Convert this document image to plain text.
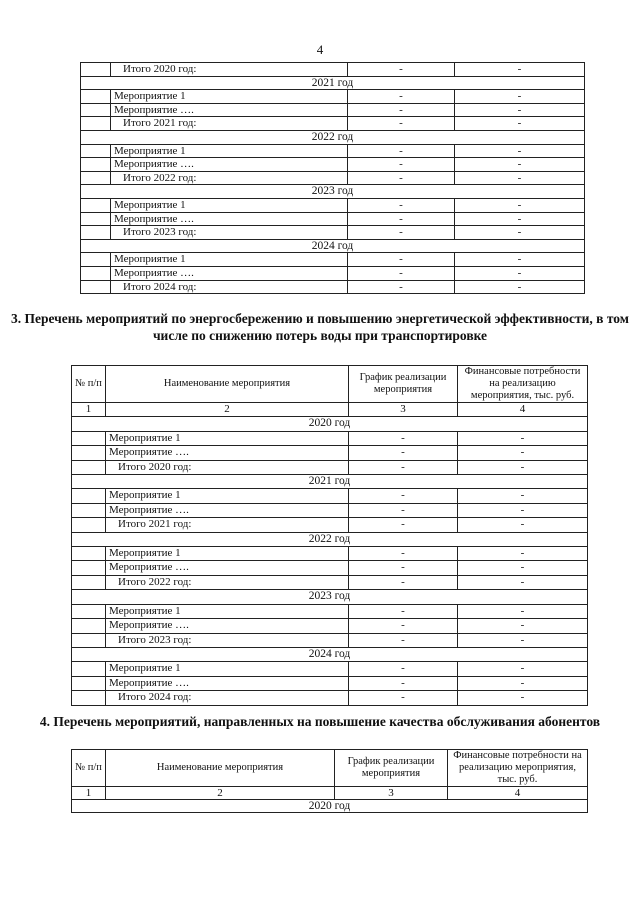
4
	Итого 2020 год:	-	-
2021 год			
	Мероприятие 1	-	-
	Мероприятие ….	-	-
	Итого 2021 год:	-	-
2022 год			
	Мероприятие 1	-	-
	Мероприятие ….	-	-
	Итого 2022 год:	-	-
2023 год			
	Мероприятие 1	-	-
	Мероприятие ….	-	-
	Итого 2023 год:	-	-
2024 год			
	Мероприятие 1	-	-
	Мероприятие ….	-	-
	Итого 2024 год:	-	-
3. Перечень мероприятий по энергосбережению и повышению энергетической эффективности, в том числе по снижению потерь воды при транспортировке
№ п/п	Наименование мероприятия	График реализации мероприятия	Финансовые потребности на реализацию мероприятия, тыс. руб.
1	2	3	4
2020 год			
	Мероприятие 1	-	-
	Мероприятие ….	-	-
	Итого 2020 год:	-	-
2021 год			
	Мероприятие 1	-	-
	Мероприятие ….	-	-
	Итого 2021 год:	-	-
2022 год			
	Мероприятие 1	-	-
	Мероприятие ….	-	-
	Итого 2022 год:	-	-
2023 год			
	Мероприятие 1	-	-
	Мероприятие ….	-	-
	Итого 2023 год:	-	-
2024 год			
	Мероприятие 1	-	-
	Мероприятие ….	-	-
	Итого 2024 год:	-	-
4. Перечень мероприятий, направленных на повышение качества обслуживания абонентов
№ п/п	Наименование мероприятия	График реализации мероприятия	Финансовые потребности на реализацию мероприятия, тыс. руб.
1	2	3	4
2020 год			
